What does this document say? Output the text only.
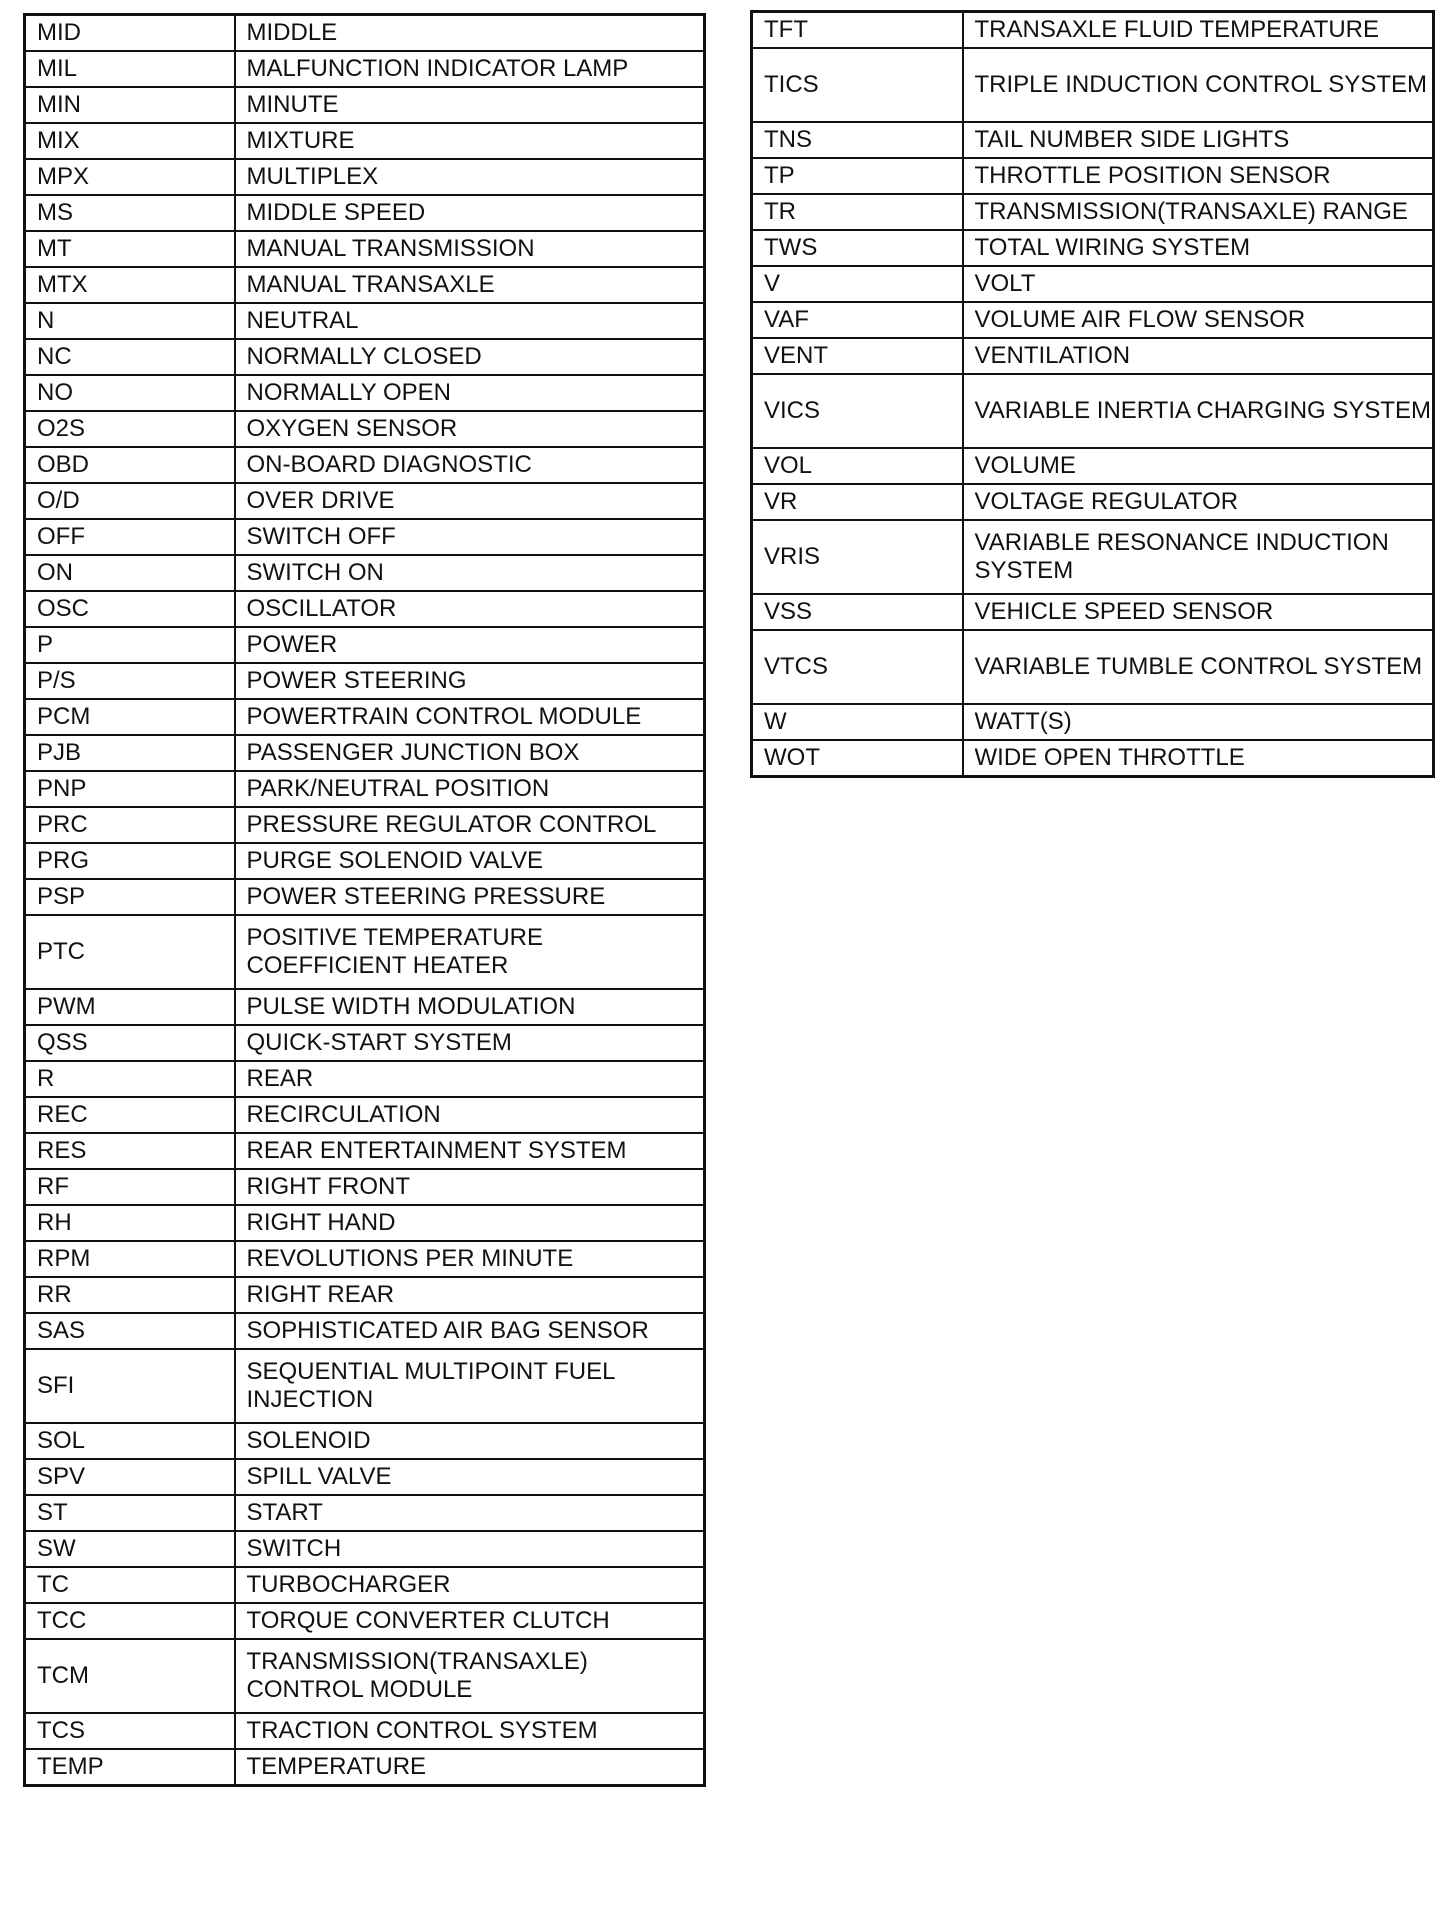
MID	MIDDLE
MIL	MALFUNCTION INDICATOR LAMP
MIN	MINUTE
MIX	MIXTURE
MPX	MULTIPLEX
MS	MIDDLE SPEED
MT	MANUAL TRANSMISSION
MTX	MANUAL TRANSAXLE
N	NEUTRAL
NC	NORMALLY CLOSED
NO	NORMALLY OPEN
O2S	OXYGEN SENSOR
OBD	ON-BOARD DIAGNOSTIC
O/D	OVER DRIVE
OFF	SWITCH OFF
ON	SWITCH ON
OSC	OSCILLATOR
P	POWER
P/S	POWER STEERING
PCM	POWERTRAIN CONTROL MODULE
PJB	PASSENGER JUNCTION BOX
PNP	PARK/NEUTRAL POSITION
PRC	PRESSURE REGULATOR CONTROL
PRG	PURGE SOLENOID VALVE
PSP	POWER STEERING PRESSURE
PTC	POSITIVE TEMPERATURE COEFFICIENT HEATER
PWM	PULSE WIDTH MODULATION
QSS	QUICK-START SYSTEM
R	REAR
REC	RECIRCULATION
RES	REAR ENTERTAINMENT SYSTEM
RF	RIGHT FRONT
RH	RIGHT HAND
RPM	REVOLUTIONS PER MINUTE
RR	RIGHT REAR
SAS	SOPHISTICATED AIR BAG SENSOR
SFI	SEQUENTIAL MULTIPOINT FUEL INJECTION
SOL	SOLENOID
SPV	SPILL VALVE
ST	START
SW	SWITCH
TC	TURBOCHARGER
TCC	TORQUE CONVERTER CLUTCH
TCM	TRANSMISSION(TRANSAXLE) CONTROL MODULE
TCS	TRACTION CONTROL SYSTEM
TEMP	TEMPERATURE
TFT	TRANSAXLE FLUID TEMPERATURE
TICS	TRIPLE INDUCTION CONTROL SYSTEM
TNS	TAIL NUMBER SIDE LIGHTS
TP	THROTTLE POSITION SENSOR
TR	TRANSMISSION(TRANSAXLE) RANGE
TWS	TOTAL WIRING SYSTEM
V	VOLT
VAF	VOLUME AIR FLOW SENSOR
VENT	VENTILATION
VICS	VARIABLE INERTIA CHARGING SYSTEM
VOL	VOLUME
VR	VOLTAGE REGULATOR
VRIS	VARIABLE RESONANCE INDUCTION SYSTEM
VSS	VEHICLE SPEED SENSOR
VTCS	VARIABLE TUMBLE CONTROL SYSTEM
W	WATT(S)
WOT	WIDE OPEN THROTTLE
